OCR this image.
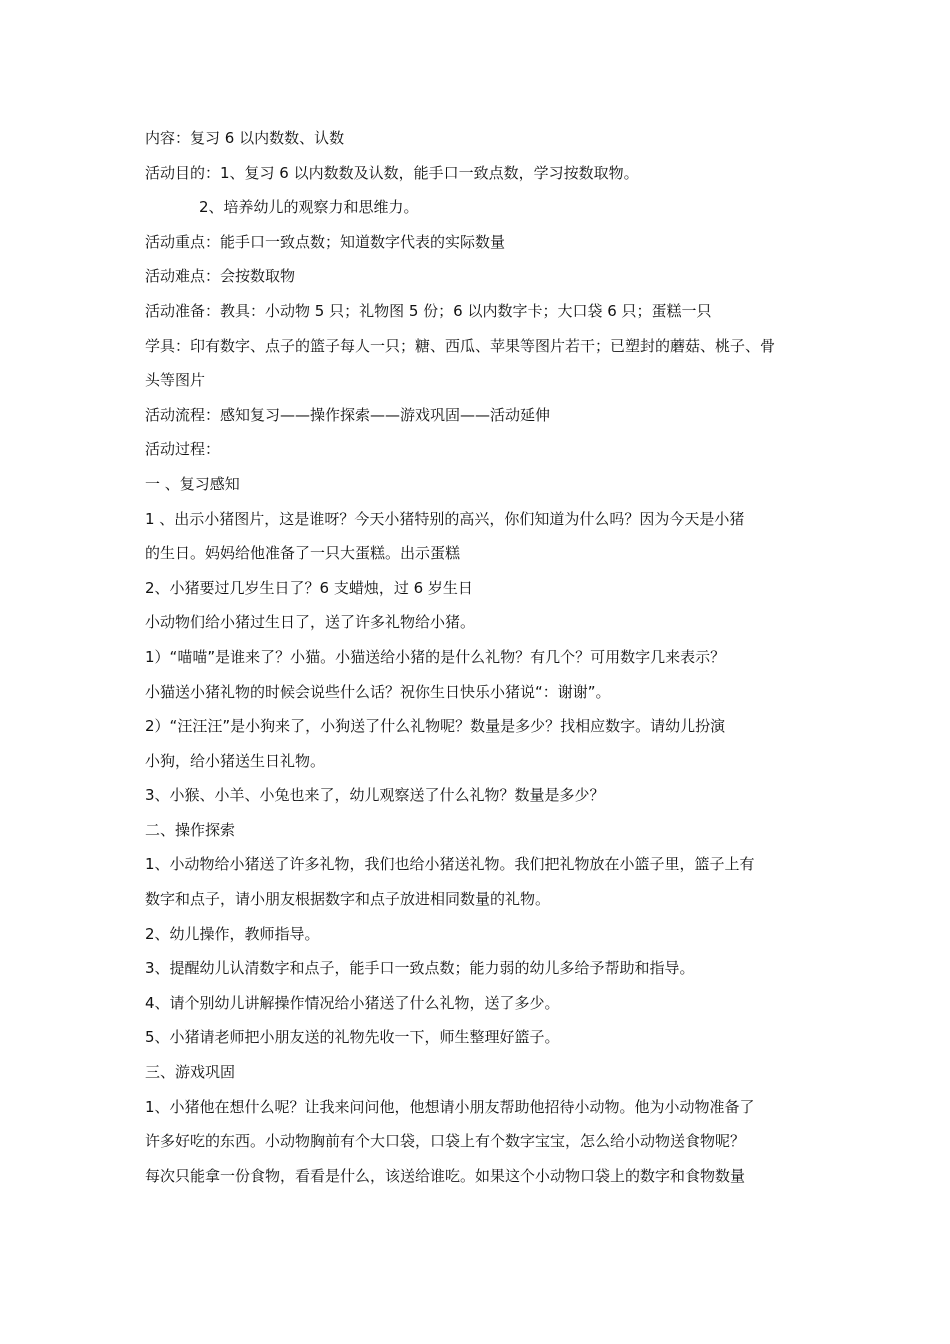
内容：复习 6 以内数数、认数
活动目的：1、复习 6 以内数数及认数，能手口一致点数，学习按数取物。
2、培养幼儿的观察力和思维力。
活动重点：能手口一致点数；知道数字代表的实际数量
活动难点：会按数取物
活动准备：教具：小动物 5 只；礼物图 5 份；6 以内数字卡；大口袋 6 只；蛋糕一只
学具：印有数字、点子的篮子每人一只；糖、西瓜、苹果等图片若干；已塑封的蘑菇、桃子、骨
头等图片
活动流程：感知复习——操作探索——游戏巩固——活动延伸
活动过程：
一 、复习感知
1 、出示小猪图片，这是谁呀？今天小猪特别的高兴，你们知道为什么吗？因为今天是小猪
的生日。妈妈给他准备了一只大蛋糕。出示蛋糕
2、小猪要过几岁生日了？6 支蜡烛，过 6 岁生日
小动物们给小猪过生日了，送了许多礼物给小猪。
1）“喵喵”是谁来了？小猫。小猫送给小猪的是什么礼物？有几个？可用数字几来表示？
小猫送小猪礼物的时候会说些什么话？祝你生日快乐小猪说“：谢谢”。
2）“汪汪汪”是小狗来了，小狗送了什么礼物呢？数量是多少？找相应数字。请幼儿扮演
小狗，给小猪送生日礼物。
3、小猴、小羊、小兔也来了，幼儿观察送了什么礼物？数量是多少？
二、操作探索
1、小动物给小猪送了许多礼物，我们也给小猪送礼物。我们把礼物放在小篮子里，篮子上有
数字和点子，请小朋友根据数字和点子放进相同数量的礼物。
2、幼儿操作，教师指导。
3、提醒幼儿认清数字和点子，能手口一致点数；能力弱的幼儿多给予帮助和指导。
4、请个别幼儿讲解操作情况给小猪送了什么礼物，送了多少。
5、小猪请老师把小朋友送的礼物先收一下，师生整理好篮子。
三、游戏巩固
1、小猪他在想什么呢？让我来问问他，他想请小朋友帮助他招待小动物。他为小动物准备了
许多好吃的东西。小动物胸前有个大口袋，口袋上有个数字宝宝，怎么给小动物送食物呢？
每次只能拿一份食物，看看是什么，该送给谁吃。如果这个小动物口袋上的数字和食物数量
